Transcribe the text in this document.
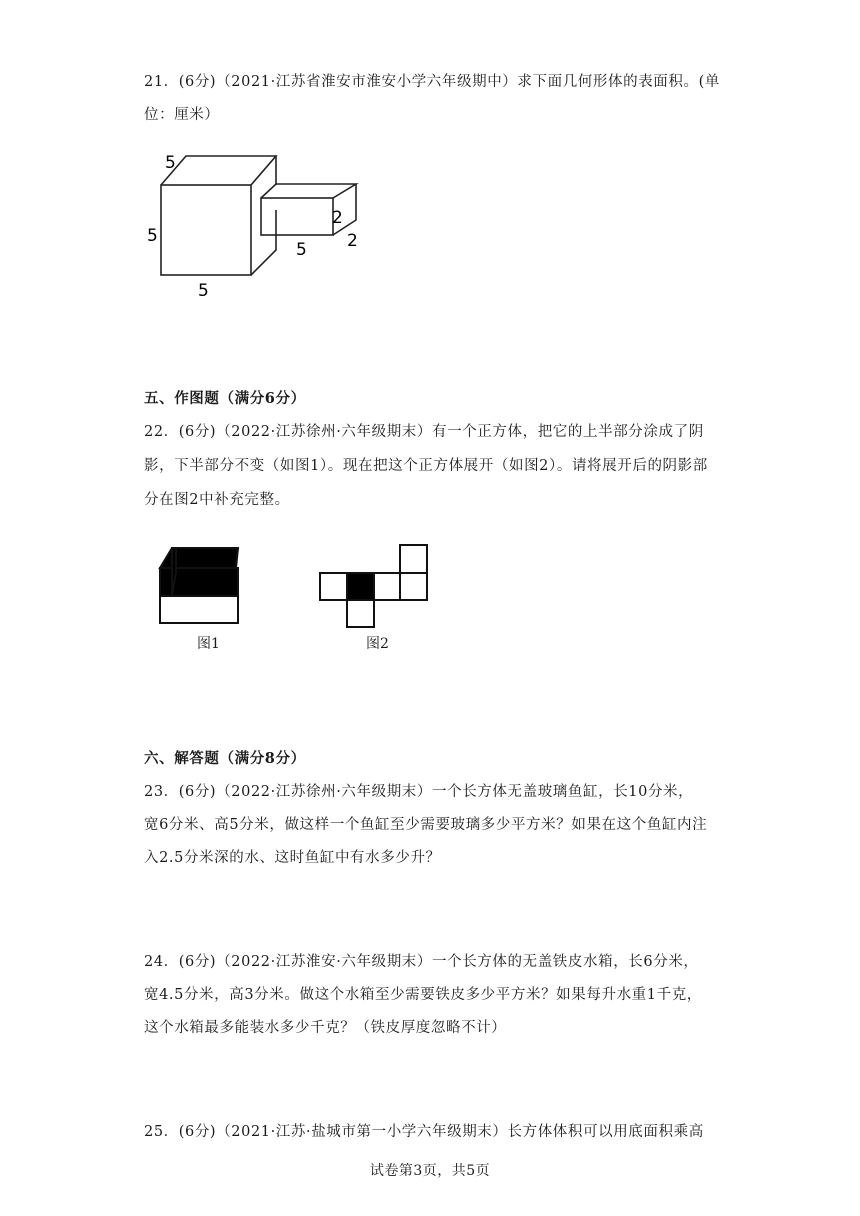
21．(6分)（2021·江苏省淮安市淮安小学六年级期中）求下面几何形体的表面积。(单
位：厘米）
5
5
5
2
2
5
五、作图题（满分6分）
22．(6分)（2022·江苏徐州·六年级期末）有一个正方体，把它的上半部分涂成了阴
影，下半部分不变（如图1）。现在把这个正方体展开（如图2）。请将展开后的阴影部
分在图2中补充完整。
图1	图2
六、解答题（满分8分）
23．(6分)（2022·江苏徐州·六年级期末）一个长方体无盖玻璃鱼缸，长10分米，
宽6分米、高5分米，做这样一个鱼缸至少需要玻璃多少平方米？如果在这个鱼缸内注
入2.5分米深的水、这时鱼缸中有水多少升？
24．(6分)（2022·江苏淮安·六年级期末）一个长方体的无盖铁皮水箱，长6分米，
宽4.5分米，高3分米。做这个水箱至少需要铁皮多少平方米？如果每升水重1千克，
这个水箱最多能装水多少千克？（铁皮厚度忽略不计）
25．(6分)（2021·江苏·盐城市第一小学六年级期末）长方体体积可以用底面积乘高
试卷第3页，共5页
